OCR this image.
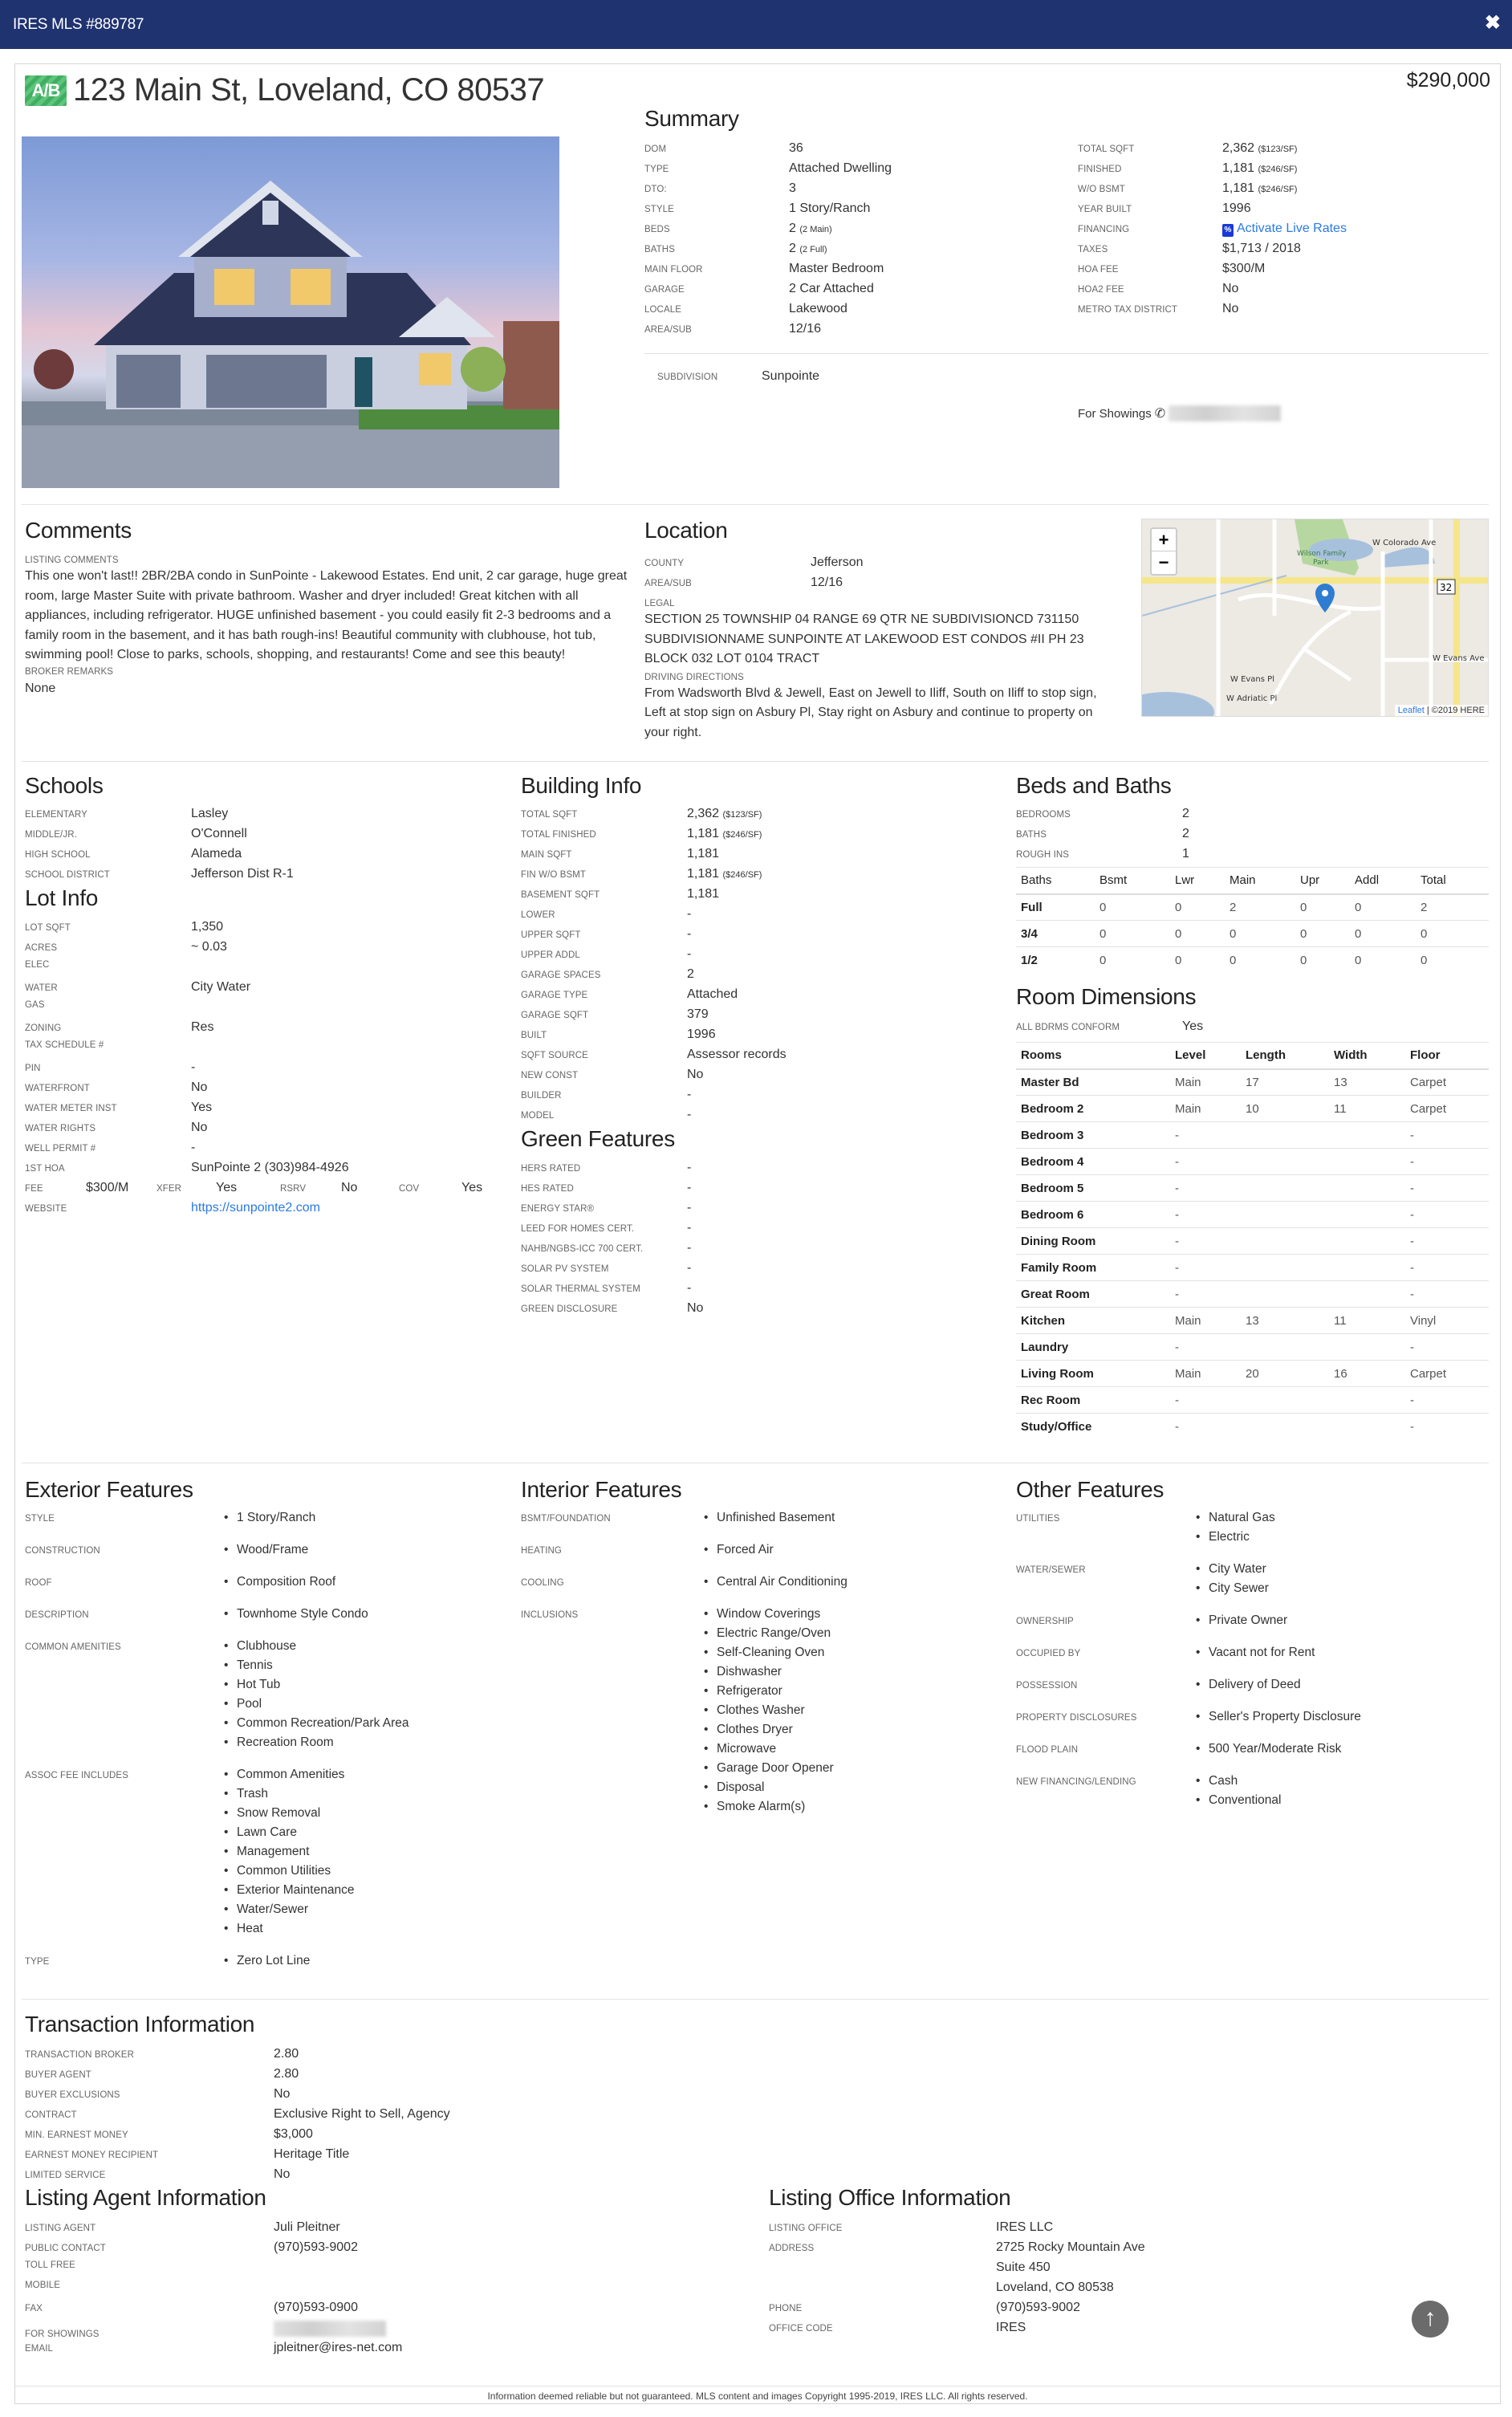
IRES MLS #889787	✖
A/B 123 Main St, Loveland, CO 80537	$290,000
Summary
DOM	36
TYPE	Attached Dwelling
DTO:	3
STYLE	1 Story/Ranch
BEDS	2
(2 Main)
BATHS	2
(2 Full)
MAIN FLOOR	Master Bedroom
GARAGE	2 Car Attached
LOCALE	Lakewood
AREA/SUB	12/16
TOTAL SQFT	2,362
($123/SF)
FINISHED	1,181
($246/SF)
W/O BSMT	1,181
($246/SF)
YEAR BUILT	1996
FINANCING	% Activate Live Rates
TAXES	$1,713 / 2018
HOA FEE	$300/M
HOA2 FEE	No
METRO TAX DISTRICT	No
SUBDIVISION	Sunpointe
For Showings ✆
Comments
LISTING COMMENTS
This one won't last!! 2BR/2BA condo in SunPointe - Lakewood Estates. End unit, 2 car garage, huge great room, large Master Suite with private bathroom. Washer and dryer included! Great kitchen with all appliances, including refrigerator. HUGE unfinished basement - you could easily fit 2-3 bedrooms and a family room in the basement, and it has bath rough-ins! Beautiful community with clubhouse, hot tub, swimming pool! Close to parks, schools, shopping, and restaurants! Come and see this beauty!
BROKER REMARKS
None
Location
COUNTY	Jefferson
AREA/SUB	12/16
LEGAL
SECTION 25 TOWNSHIP 04 RANGE 69 QTR NE SUBDIVISIONCD 731150 SUBDIVISIONNAME SUNPOINTE AT LAKEWOOD EST CONDOS #II PH 23 BLOCK 032 LOT 0104 TRACT
DRIVING DIRECTIONS
From Wadsworth Blvd & Jewell, East on Jewell to Iliff, South on Iliff to stop sign, Left at stop sign on Asbury Pl, Stay right on Asbury and continue to property on your right.
32
W Colorado Ave
Wilson Family
Park
W Evans Ave
W Evans Pl
W Adriatic Pl
+
−
Leaflet | ©2019 HERE
Schools
ELEMENTARY	Lasley
MIDDLE/JR.	O'Connell
HIGH SCHOOL	Alameda
SCHOOL DISTRICT	Jefferson Dist R-1
Lot Info
LOT SQFT	1,350
ACRES	~ 0.03
ELEC
WATER	City Water
GAS
ZONING	Res
TAX SCHEDULE #
PIN	-
WATERFRONT	No
WATER METER INST	Yes
WATER RIGHTS	No
WELL PERMIT #	-
1ST HOA	SunPointe 2 (303)984-4926
FEE	$300/M	XFER	Yes	RSRV	No	COV	Yes
WEBSITE	https://sunpointe2.com
Building Info
TOTAL SQFT	2,362
($123/SF)
TOTAL FINISHED	1,181
($246/SF)
MAIN SQFT	1,181
FIN W/O BSMT	1,181
($246/SF)
BASEMENT SQFT	1,181
LOWER	-
UPPER SQFT	-
UPPER ADDL	-
GARAGE SPACES	2
GARAGE TYPE	Attached
GARAGE SQFT	379
BUILT	1996
SQFT SOURCE	Assessor records
NEW CONST	No
BUILDER	-
MODEL	-
Green Features
HERS RATED	-
HES RATED	-
ENERGY STAR®	-
LEED FOR HOMES CERT.	-
NAHB/NGBS-ICC 700 CERT.	-
SOLAR PV SYSTEM	-
SOLAR THERMAL SYSTEM	-
GREEN DISCLOSURE	No
Beds and Baths
BEDROOMS	2
BATHS	2
ROUGH INS	1
Baths	Bsmt	Lwr	Main	Upr	Addl	Total
Full	0	0	2	0	0	2
3/4	0	0	0	0	0	0
1/2	0	0	0	0	0	0
Room Dimensions
ALL BDRMS CONFORM	Yes
Rooms	Level	Length	Width	Floor
Master Bd	Main	17	13	Carpet
Bedroom 2	Main	10	11	Carpet
Bedroom 3	-			-
Bedroom 4	-			-
Bedroom 5	-			-
Bedroom 6	-			-
Dining Room	-			-
Family Room	-			-
Great Room	-			-
Kitchen	Main	13	11	Vinyl
Laundry	-			-
Living Room	Main	20	16	Carpet
Rec Room	-			-
Study/Office	-			-
Exterior Features
STYLE	• 1 Story/Ranch
CONSTRUCTION	• Wood/Frame
ROOF	• Composition Roof
DESCRIPTION	• Townhome Style Condo
COMMON AMENITIES	• Clubhouse
• Tennis
• Hot Tub
• Pool
• Common Recreation/Park Area
• Recreation Room
ASSOC FEE INCLUDES	• Common Amenities
• Trash
• Snow Removal
• Lawn Care
• Management
• Common Utilities
• Exterior Maintenance
• Water/Sewer
• Heat
TYPE	• Zero Lot Line
Interior Features
BSMT/FOUNDATION	• Unfinished Basement
HEATING	• Forced Air
COOLING	• Central Air Conditioning
INCLUSIONS	• Window Coverings
• Electric Range/Oven
• Self-Cleaning Oven
• Dishwasher
• Refrigerator
• Clothes Washer
• Clothes Dryer
• Microwave
• Garage Door Opener
• Disposal
• Smoke Alarm(s)
Other Features
UTILITIES	• Natural Gas
• Electric
WATER/SEWER	• City Water
• City Sewer
OWNERSHIP	• Private Owner
OCCUPIED BY	• Vacant not for Rent
POSSESSION	• Delivery of Deed
PROPERTY DISCLOSURES	• Seller's Property Disclosure
FLOOD PLAIN	• 500 Year/Moderate Risk
NEW FINANCING/LENDING	• Cash
• Conventional
Transaction Information
TRANSACTION BROKER	2.80
BUYER AGENT	2.80
BUYER EXCLUSIONS	No
CONTRACT	Exclusive Right to Sell, Agency
MIN. EARNEST MONEY	$3,000
EARNEST MONEY RECIPIENT	Heritage Title
LIMITED SERVICE	No
Listing Agent Information
LISTING AGENT	Juli Pleitner
PUBLIC CONTACT	(970)593-9002
TOLL FREE
MOBILE
FAX	(970)593-0900
FOR SHOWINGS
EMAIL	jpleitner@ires-net.com
Listing Office Information
LISTING OFFICE	IRES LLC
ADDRESS	2725 Rocky Mountain Ave
Suite 450
Loveland, CO 80538
PHONE	(970)593-9002
OFFICE CODE	IRES	↑
Information deemed reliable but not guaranteed. MLS content and images Copyright 1995-2019, IRES LLC. All rights reserved.
